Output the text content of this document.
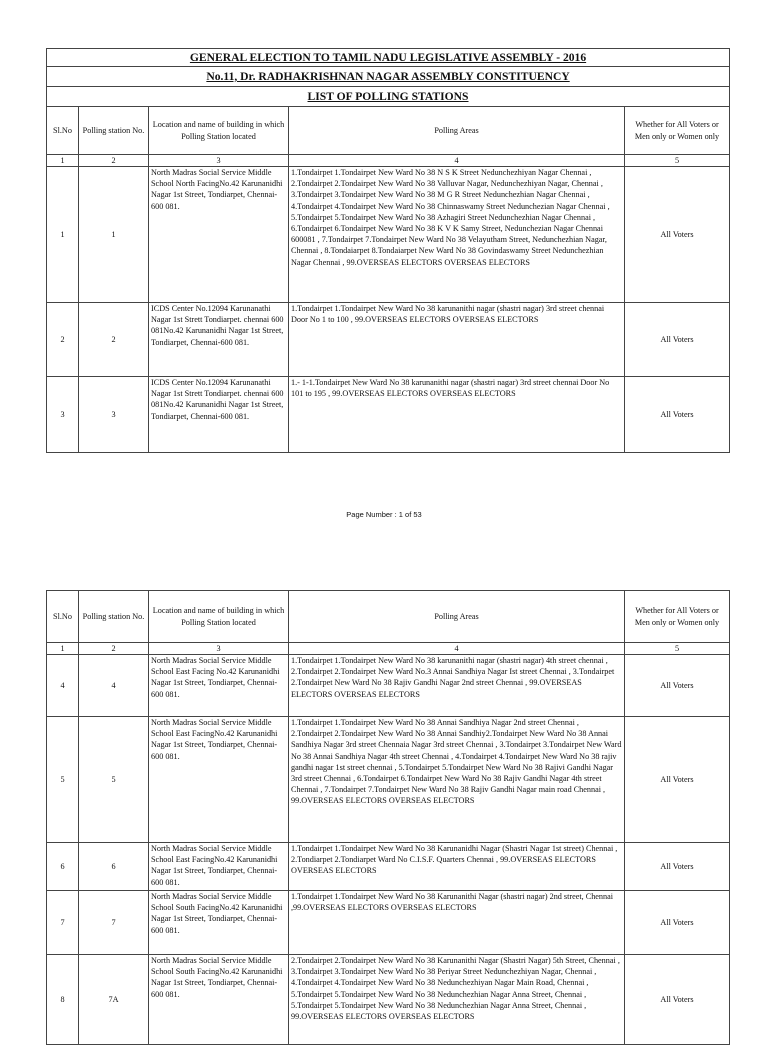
GENERAL ELECTION TO TAMIL NADU LEGISLATIVE ASSEMBLY - 2016				
No.11, Dr. RADHAKRISHNAN NAGAR ASSEMBLY CONSTITUENCY				
LIST OF POLLING STATIONS				
Sl.No	Polling station No.	Location and name of building in which Polling Station located	Polling Areas	Whether for All Voters or Men only or Women only
1	2	3	4	5
1	1	North Madras Social Service Middle School North FacingNo.42 Karunanidhi Nagar 1st Street, Tondiarpet, Chennai-600 081.	1.Tondairpet 1.Tondairpet New Ward No 38 N S K Street Nedunchezhiyan Nagar Chennai , 2.Tondairpet 2.Tondairpet New Ward No 38 Valluvar Nagar, Nedunchezhiyan Nagar, Chennai , 3.Tondairpet 3.Tondairpet New Ward No 38 M G R Street Nedunchezhian Nagar Chennai , 4.Tondairpet 4.Tondairpet New Ward No 38 Chinnaswamy Street Nedunchezian Nagar Chennai , 5.Tondairpet 5.Tondairpet New Ward No 38 Azhagiri Street Nedunchezhian Nagar Chennai , 6.Tondairpet 6.Tondairpet New Ward No 38 K V K Samy Street, Nedunchezian Nagar Chennai 600081 , 7.Tondairpet 7.Tondairpet New Ward No 38 Velayutham Street, Nedunchezhian Nagar, Chennai , 8.Tondaiarpet 8.Tondaiarpet New Ward No 38 Govindaswamy Street Nedunchezhian Nagar Chennai , 99.OVERSEAS ELECTORS OVERSEAS ELECTORS	All Voters
2	2	ICDS Center No.12094 Karunanathi Nagar 1st Strett Tondiarpet. chennai 600 081No.42 Karunanidhi Nagar 1st Street, Tondiarpet, Chennai-600 081.	1.Tondairpet 1.Tondairpet New Ward No 38 karunanithi nagar (shastri nagar) 3rd street chennai Door No 1 to 100 , 99.OVERSEAS ELECTORS OVERSEAS ELECTORS	All Voters
3	3	ICDS Center No.12094 Karunanathi Nagar 1st Strett Tondiarpet. chennai 600 081No.42 Karunanidhi Nagar 1st Street, Tondiarpet, Chennai-600 081.	1.- 1-1.Tondairpet New Ward No 38 karunanithi nagar (shastri nagar) 3rd street chennai Door No 101 to 195 , 99.OVERSEAS ELECTORS OVERSEAS ELECTORS	All Voters
Page Number : 1 of 53
Sl.No	Polling station No.	Location and name of building in which Polling Station located	Polling Areas	Whether for All Voters or Men only or Women only
1	2	3	4	5
4	4	North Madras Social Service Middle School East Facing No.42 Karunanidhi Nagar 1st Street, Tondiarpet, Chennai-600 081.	1.Tondairpet 1.Tondairpet New Ward No 38 karunanithi nagar (shastri nagar) 4th street chennai , 2.Tondairpet 2.Tondairpet New Ward No.3 Annai Sandhiya Nagar Ist street Chennai , 3.Tondairpet 2.Tondairpet New Ward No 38 Rajiv Gandhi Nagar 2nd street Chennai , 99.OVERSEAS ELECTORS OVERSEAS ELECTORS	All Voters
5	5	North Madras Social Service Middle School East FacingNo.42 Karunanidhi Nagar 1st Street, Tondiarpet, Chennai-600 081.	1.Tondairpet 1.Tondairpet New Ward No 38 Annai Sandhiya Nagar 2nd street Chennai , 2.Tondairpet 2.Tondairpet New Ward No 38 Annai Sandhiy2.Tondairpet New Ward No 38 Annai Sandhiya Nagar 3rd street Chennaia Nagar 3rd street Chennai , 3.Tondairpet 3.Tondairpet New Ward No 38 Annai Sandhiya Nagar 4th street Chennai , 4.Tondairpet 4.Tondairpet New Ward No 38 rajiv gandhi nagar 1st street chennai , 5.Tondairpet 5.Tondairpet New Ward No 38 Rajivi Gandhi Nagar 3rd street Chennai , 6.Tondairpet 6.Tondairpet New Ward No 38 Rajiv Gandhi Nagar 4th street Chennai , 7.Tondairpet 7.Tondairpet New Ward No 38 Rajiv Gandhi Nagar main road Chennai , 99.OVERSEAS ELECTORS OVERSEAS ELECTORS	All Voters
6	6	North Madras Social Service Middle School East FacingNo.42 Karunanidhi Nagar 1st Street, Tondiarpet, Chennai-600 081.	1.Tondairpet 1.Tondairpet New Ward No 38 Karunanidhi Nagar (Shastri Nagar 1st street) Chennai , 2.Tondiarpet 2.Tondiarpet Ward No C.I.S.F. Quarters Chennai , 99.OVERSEAS ELECTORS OVERSEAS ELECTORS	All Voters
7	7	North Madras Social Service Middle School South FacingNo.42 Karunanidhi Nagar 1st Street, Tondiarpet, Chennai-600 081.	1.Tondairpet 1.Tondairpet New Ward No 38 Karunanithi Nagar (shastri nagar) 2nd street, Chennai ,99.OVERSEAS ELECTORS OVERSEAS ELECTORS	All Voters
8	7A	North Madras Social Service Middle School South FacingNo.42 Karunanidhi Nagar 1st Street, Tondiarpet, Chennai-600 081.	2.Tondairpet 2.Tondairpet New Ward No 38 Karunanithi Nagar (Shastri Nagar) 5th Street, Chennai , 3.Tondairpet 3.Tondairpet New Ward No 38 Periyar Street Nedunchezhiyan Nagar, Chennai , 4.Tondairpet 4.Tondairpet New Ward No 38 Nedunchezhiyan Nagar Main Road, Chennai , 5.Tondairpet 5.Tondairpet New Ward No 38 Nedunchezhian Nagar Anna Street, Chennai , 5.Tondairpet 5.Tondairpet New Ward No 38 Nedunchezhian Nagar Anna Street, Chennai , 99.OVERSEAS ELECTORS OVERSEAS ELECTORS	All Voters
